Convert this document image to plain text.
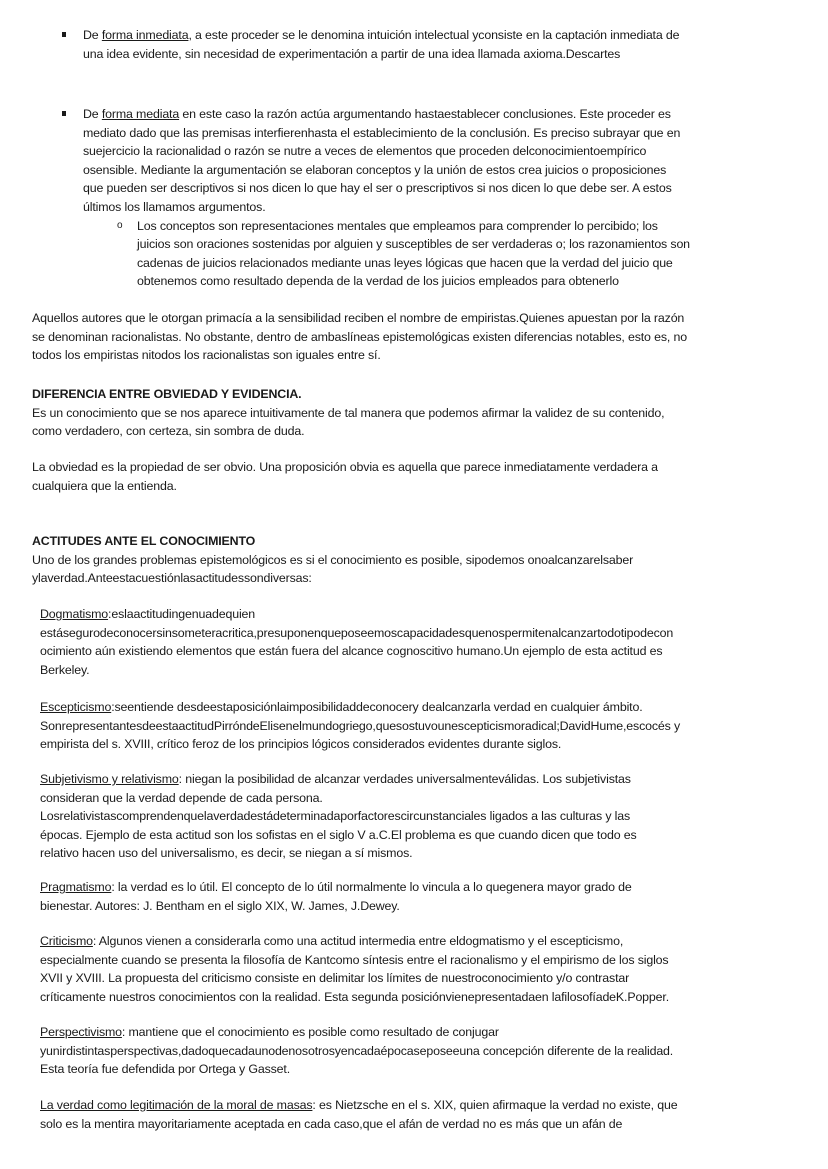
De forma inmediata, a este proceder se le denomina intuición intelectual yconsiste en la captación inmediata de
una idea evidente, sin necesidad de experimentación a partir de una idea llamada axioma.Descartes
De forma mediata en este caso la razón actúa argumentando hastaestablecer conclusiones. Este proceder es
mediato dado que las premisas interfierenhasta el establecimiento de la conclusión. Es preciso subrayar que en
suejercicio la racionalidad o razón se nutre a veces de elementos que proceden delconocimientoempírico
osensible. Mediante la argumentación se elaboran conceptos y la unión de estos crea juicios o proposiciones
que pueden ser descriptivos si nos dicen lo que hay el ser o prescriptivos si nos dicen lo que debe ser. A estos
últimos los llamamos argumentos.
o Los conceptos son representaciones mentales que empleamos para comprender lo percibido; los
juicios son oraciones sostenidas por alguien y susceptibles de ser verdaderas o; los razonamientos son
cadenas de juicios relacionados mediante unas leyes lógicas que hacen que la verdad del juicio que
obtenemos como resultado dependa de la verdad de los juicios empleados para obtenerlo
Aquellos autores que le otorgan primacía a la sensibilidad reciben el nombre de empiristas.Quienes apuestan por la razón
se denominan racionalistas. No obstante, dentro de ambaslíneas epistemológicas existen diferencias notables, esto es, no
todos los empiristas nitodos los racionalistas son iguales entre sí.
DIFERENCIA ENTRE OBVIEDAD Y EVIDENCIA.
Es un conocimiento que se nos aparece intuitivamente de tal manera que podemos afirmar la validez de su contenido,
como verdadero, con certeza, sin sombra de duda.
La obviedad es la propiedad de ser obvio. Una proposición obvia es aquella que parece inmediatamente verdadera a
cualquiera que la entienda.
ACTITUDES ANTE EL CONOCIMIENTO
Uno de los grandes problemas epistemológicos es si el conocimiento es posible, sipodemos onoalcanzarelsaber
ylaverdad.Anteestacuestiónlasactitudessondiversas:
Dogmatismo:eslaactitudingenuadequien
estásegurodeconocersinsometeracritica,presuponenqueposeemoscapacidadesquenospermitenalcanzartodotipodecon
ocimiento aún existiendo elementos que están fuera del alcance cognoscitivo humano.Un ejemplo de esta actitud es
Berkeley.
Escepticismo:seentiende desdeestaposiciónlaimposibilidaddeconocery dealcanzarla verdad en cualquier ámbito.
SonrepresentantesdeestaactitudPirróndeElisenelmundogriego,quesostuvounescepticismoradical;DavidHume,escocés y
empirista del s. XVIII, crítico feroz de los principios lógicos considerados evidentes durante siglos.
Subjetivismo y relativismo: niegan la posibilidad de alcanzar verdades universalmenteválidas. Los subjetivistas
consideran que la verdad depende de cada persona.
Losrelativistascomprendenquelaverdadestádeterminadaporfactorescircunstanciales ligados a las culturas y las
épocas. Ejemplo de esta actitud son los sofistas en el siglo V a.C.El problema es que cuando dicen que todo es
relativo hacen uso del universalismo, es decir, se niegan a sí mismos.
Pragmatismo: la verdad es lo útil. El concepto de lo útil normalmente lo vincula a lo quegenera mayor grado de
bienestar. Autores: J. Bentham en el siglo XIX, W. James, J.Dewey.
Criticismo: Algunos vienen a considerarla como una actitud intermedia entre eldogmatismo y el escepticismo,
especialmente cuando se presenta la filosofía de Kantcomo síntesis entre el racionalismo y el empirismo de los siglos
XVII y XVIII. La propuesta del criticismo consiste en delimitar los límites de nuestroconocimiento y/o contrastar
críticamente nuestros conocimientos con la realidad. Esta segunda posiciónvienepresentadaen lafilosofíadeK.Popper.
Perspectivismo: mantiene que el conocimiento es posible como resultado de conjugar
yunirdistintasperspectivas,dadoquecadaunodenosotrosyencadaépocaseposeeuna concepción diferente de la realidad.
Esta teoría fue defendida por Ortega y Gasset.
La verdad como legitimación de la moral de masas: es Nietzsche en el s. XIX, quien afirmaque la verdad no existe, que
solo es la mentira mayoritariamente aceptada en cada caso,que el afán de verdad no es más que un afán de
